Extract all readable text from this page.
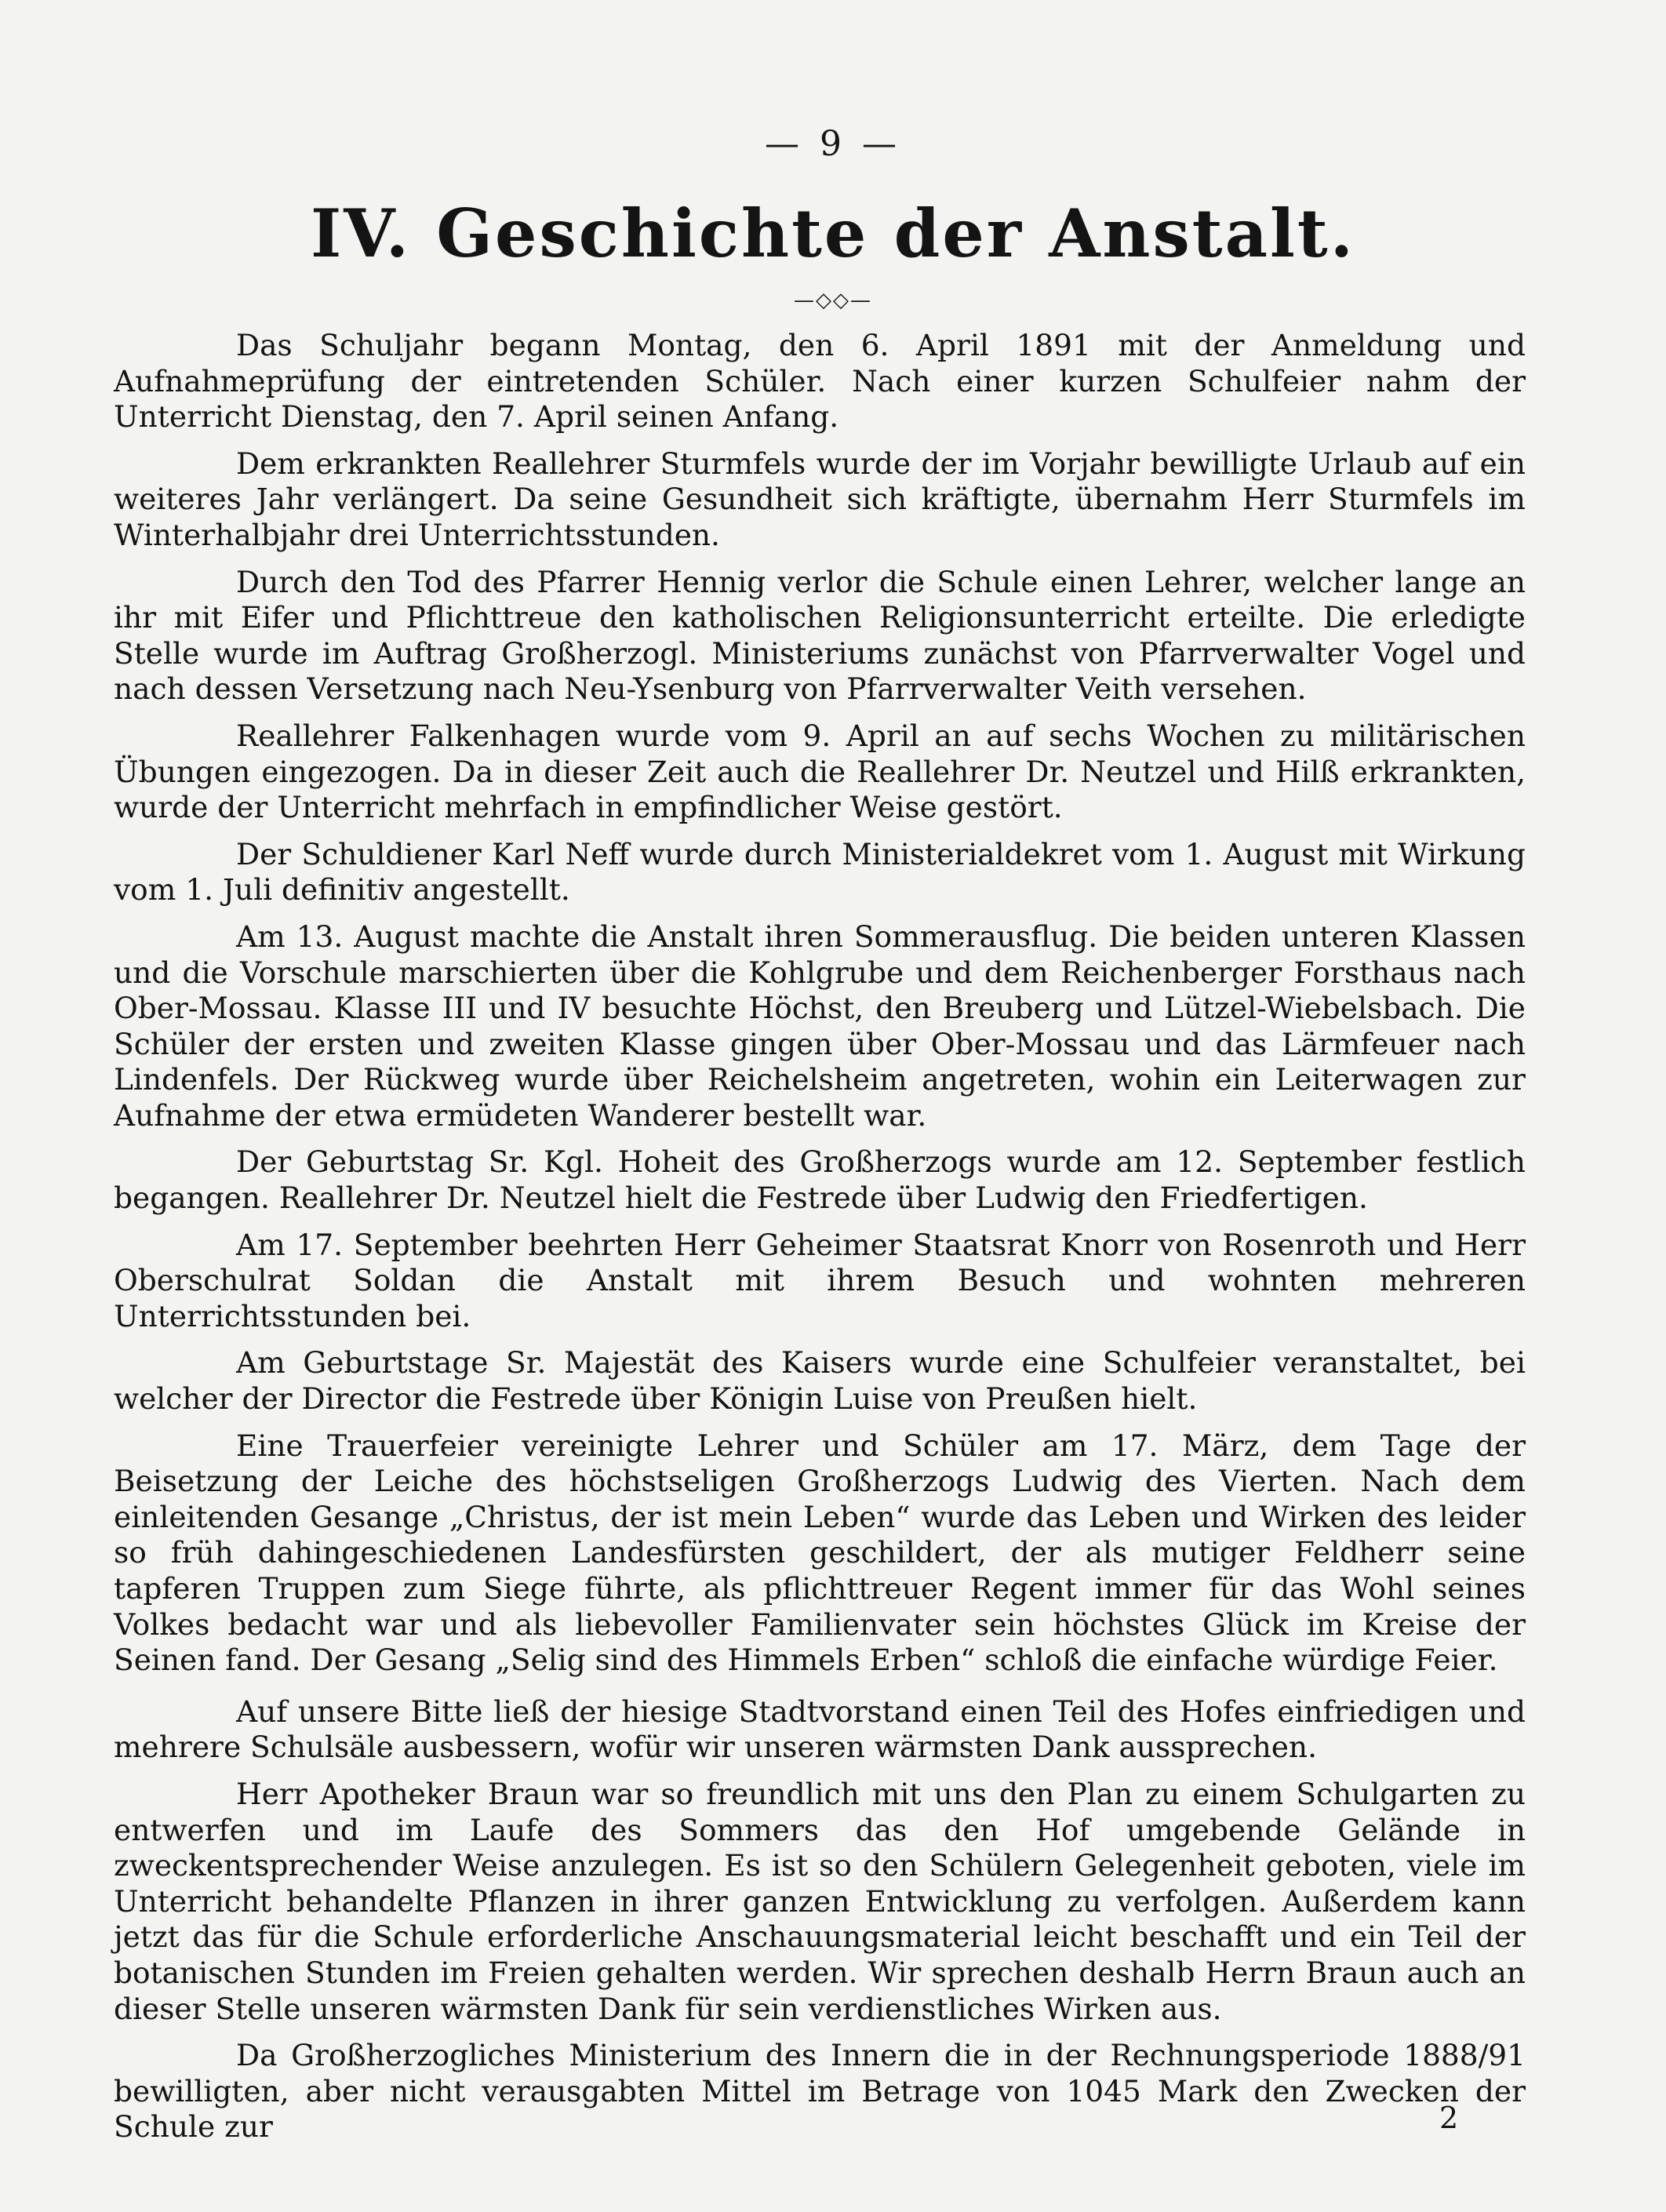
— 9 —
IV. Geschichte der Anstalt.
—◇◇—

Das Schuljahr begann Montag, den 6. April 1891 mit der Anmeldung und Aufnahmeprüfung der eintretenden Schüler. Nach einer kurzen Schulfeier nahm der Unterricht Dienstag, den 7. April seinen Anfang.

Dem erkrankten Reallehrer Sturmfels wurde der im Vorjahr bewilligte Urlaub auf ein weiteres Jahr verlängert. Da seine Gesundheit sich kräftigte, übernahm Herr Sturmfels im Winterhalbjahr drei Unterrichtsstunden.

Durch den Tod des Pfarrer Hennig verlor die Schule einen Lehrer, welcher lange an ihr mit Eifer und Pflichttreue den katholischen Religionsunterricht erteilte. Die erledigte Stelle wurde im Auftrag Großherzogl. Ministeriums zunächst von Pfarrverwalter Vogel und nach dessen Versetzung nach Neu-Ysenburg von Pfarrverwalter Veith versehen.

Reallehrer Falkenhagen wurde vom 9. April an auf sechs Wochen zu militärischen Übungen eingezogen. Da in dieser Zeit auch die Reallehrer Dr. Neutzel und Hilß erkrankten, wurde der Unterricht mehrfach in empfindlicher Weise gestört.

Der Schuldiener Karl Neff wurde durch Ministerialdekret vom 1. August mit Wirkung vom 1. Juli definitiv angestellt.

Am 13. August machte die Anstalt ihren Sommerausflug. Die beiden unteren Klassen und die Vorschule marschierten über die Kohlgrube und dem Reichenberger Forsthaus nach Ober-Mossau. Klasse III und IV besuchte Höchst, den Breuberg und Lützel-Wiebelsbach. Die Schüler der ersten und zweiten Klasse gingen über Ober-Mossau und das Lärmfeuer nach Lindenfels. Der Rückweg wurde über Reichelsheim angetreten, wohin ein Leiterwagen zur Aufnahme der etwa ermüdeten Wanderer bestellt war.

Der Geburtstag Sr. Kgl. Hoheit des Großherzogs wurde am 12. September festlich begangen. Reallehrer Dr. Neutzel hielt die Festrede über Ludwig den Friedfertigen.

Am 17. September beehrten Herr Geheimer Staatsrat Knorr von Rosenroth und Herr Oberschulrat Soldan die Anstalt mit ihrem Besuch und wohnten mehreren Unterrichtsstunden bei.

Am Geburtstage Sr. Majestät des Kaisers wurde eine Schulfeier veranstaltet, bei welcher der Director die Festrede über Königin Luise von Preußen hielt.

Eine Trauerfeier vereinigte Lehrer und Schüler am 17. März, dem Tage der Beisetzung der Leiche des höchstseligen Großherzogs Ludwig des Vierten. Nach dem einleitenden Gesange „Christus, der ist mein Leben“ wurde das Leben und Wirken des leider so früh dahingeschiedenen Landesfürsten geschildert, der als mutiger Feldherr seine tapferen Truppen zum Siege führte, als pflichttreuer Regent immer für das Wohl seines Volkes bedacht war und als liebevoller Familienvater sein höchstes Glück im Kreise der Seinen fand. Der Gesang „Selig sind des Himmels Erben“ schloß die einfache würdige Feier.

Auf unsere Bitte ließ der hiesige Stadtvorstand einen Teil des Hofes einfriedigen und mehrere Schulsäle ausbessern, wofür wir unseren wärmsten Dank aussprechen.

Herr Apotheker Braun war so freundlich mit uns den Plan zu einem Schulgarten zu entwerfen und im Laufe des Sommers das den Hof umgebende Gelände in zweckentsprechender Weise anzulegen. Es ist so den Schülern Gelegenheit geboten, viele im Unterricht behandelte Pflanzen in ihrer ganzen Entwicklung zu verfolgen. Außerdem kann jetzt das für die Schule erforderliche Anschauungsmaterial leicht beschafft und ein Teil der botanischen Stunden im Freien gehalten werden. Wir sprechen deshalb Herrn Braun auch an dieser Stelle unseren wärmsten Dank für sein verdienstliches Wirken aus.

Da Großherzogliches Ministerium des Innern die in der Rechnungsperiode 1888/91 bewilligten, aber nicht verausgabten Mittel im Betrage von 1045 Mark den Zwecken der Schule zur	2
